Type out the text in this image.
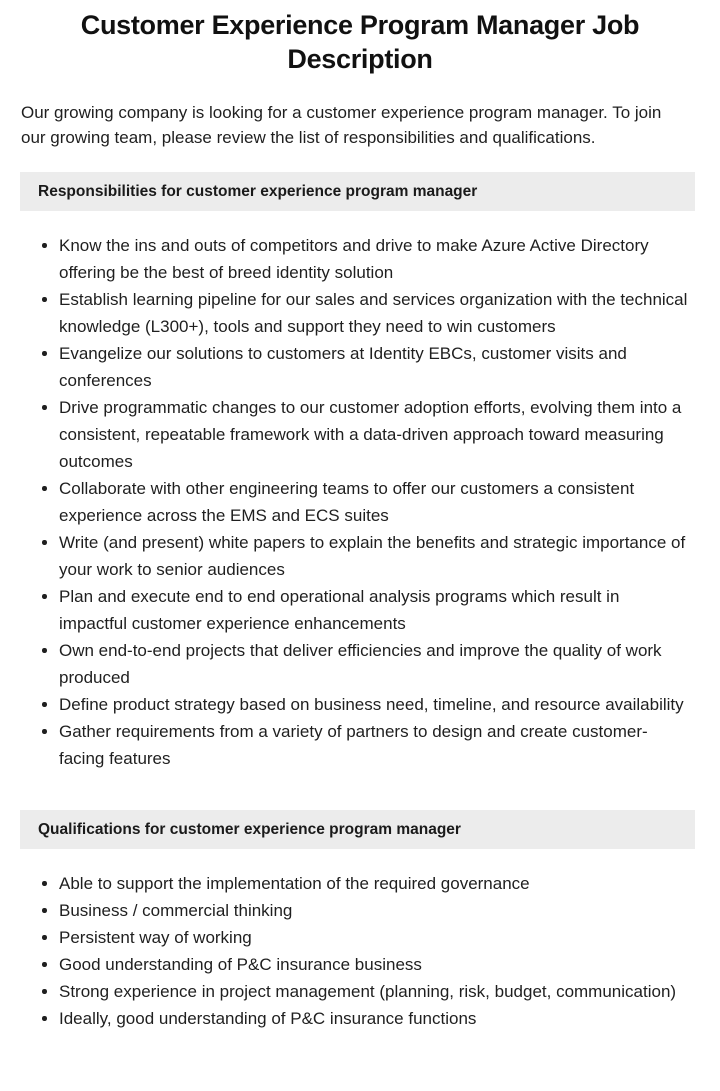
Customer Experience Program Manager Job Description

Our growing company is looking for a customer experience program manager. To join our growing team, please review the list of responsibilities and qualifications.

Responsibilities for customer experience program manager
Know the ins and outs of competitors and drive to make Azure Active Directory offering be the best of breed identity solution
Establish learning pipeline for our sales and services organization with the technical knowledge (L300+), tools and support they need to win customers
Evangelize our solutions to customers at Identity EBCs, customer visits and conferences
Drive programmatic changes to our customer adoption efforts, evolving them into a consistent, repeatable framework with a data-driven approach toward measuring outcomes
Collaborate with other engineering teams to offer our customers a consistent experience across the EMS and ECS suites
Write (and present) white papers to explain the benefits and strategic importance of your work to senior audiences
Plan and execute end to end operational analysis programs which result in impactful customer experience enhancements
Own end-to-end projects that deliver efficiencies and improve the quality of work produced
Define product strategy based on business need, timeline, and resource availability
Gather requirements from a variety of partners to design and create customer-facing features
Qualifications for customer experience program manager
Able to support the implementation of the required governance
Business / commercial thinking
Persistent way of working
Good understanding of P&C insurance business
Strong experience in project management (planning, risk, budget, communication)
Ideally, good understanding of P&C insurance functions
